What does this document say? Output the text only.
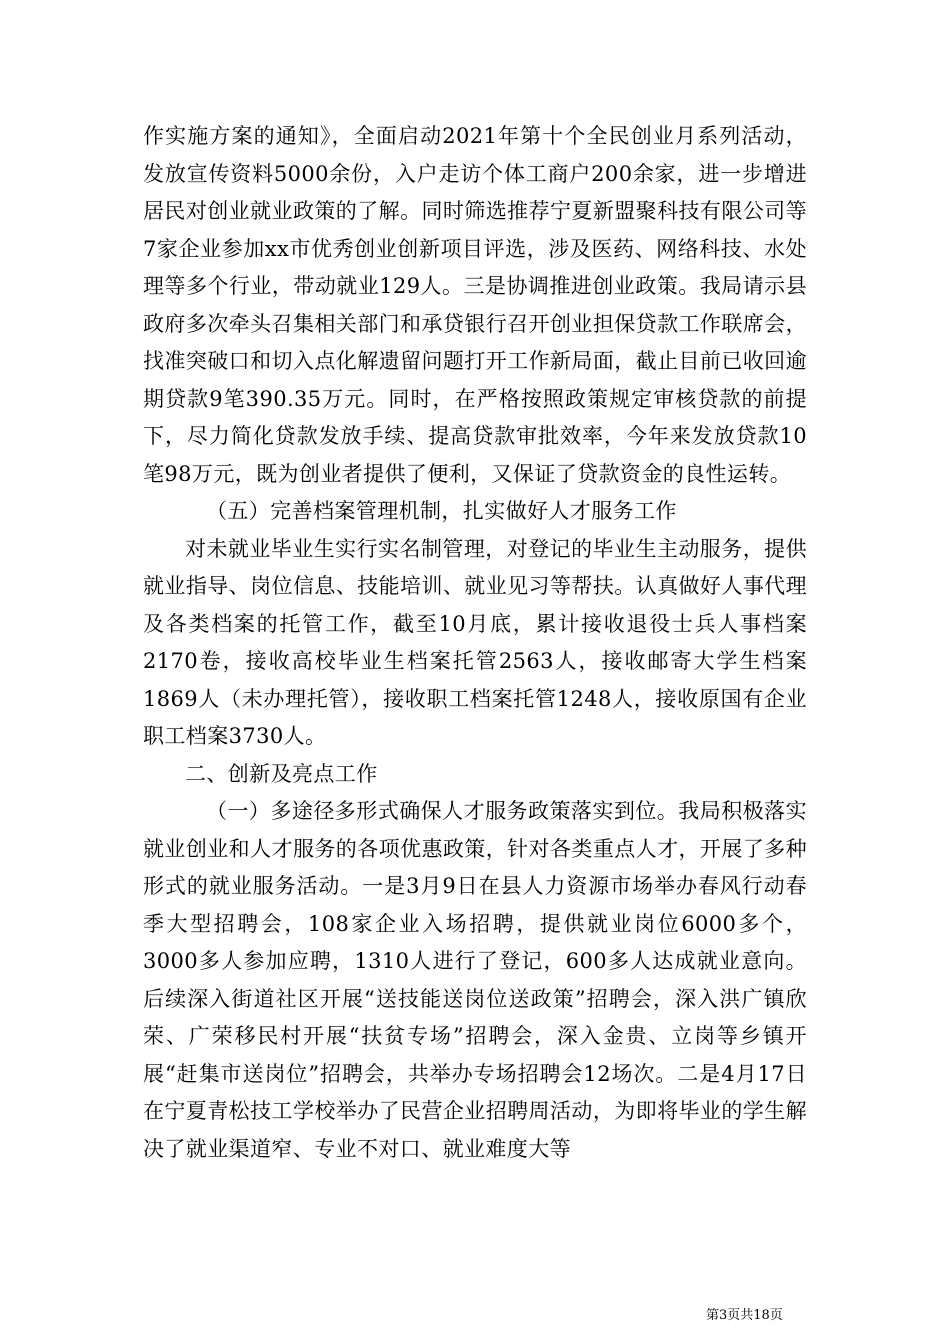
作实施方案的通知》，全面启动2021年第十个全民创业月系列活动，发放宣传资料5000余份，入户走访个体工商户200余家，进一步增进居民对创业就业政策的了解。同时筛选推荐宁夏新盟聚科技有限公司等7家企业参加xx市优秀创业创新项目评选，涉及医药、网络科技、水处理等多个行业，带动就业129人。三是协调推进创业政策。我局请示县政府多次牵头召集相关部门和承贷银行召开创业担保贷款工作联席会，找准突破口和切入点化解遗留问题打开工作新局面，截止目前已收回逾期贷款9笔390.35万元。同时，在严格按照政策规定审核贷款的前提下，尽力简化贷款发放手续、提高贷款审批效率，今年来发放贷款10笔98万元，既为创业者提供了便利，又保证了贷款资金的良性运转。

（五）完善档案管理机制，扎实做好人才服务工作

对未就业毕业生实行实名制管理，对登记的毕业生主动服务，提供就业指导、岗位信息、技能培训、就业见习等帮扶。认真做好人事代理及各类档案的托管工作，截至10月底，累计接收退役士兵人事档案2170卷，接收高校毕业生档案托管2563人，接收邮寄大学生档案1869人（未办理托管），接收职工档案托管1248人，接收原国有企业职工档案3730人。

二、创新及亮点工作

（一）多途径多形式确保人才服务政策落实到位。我局积极落实就业创业和人才服务的各项优惠政策，针对各类重点人才，开展了多种形式的就业服务活动。一是3月9日在县人力资源市场举办春风行动春季大型招聘会，108家企业入场招聘，提供就业岗位6000多个，3000多人参加应聘，1310人进行了登记，600多人达成就业意向。后续深入街道社区开展“送技能送岗位送政策”招聘会，深入洪广镇欣荣、广荣移民村开展“扶贫专场”招聘会，深入金贵、立岗等乡镇开展“赶集市送岗位”招聘会，共举办专场招聘会12场次。二是4月17日在宁夏青松技工学校举办了民营企业招聘周活动，为即将毕业的学生解决了就业渠道窄、专业不对口、就业难度大等

第3页共18页
